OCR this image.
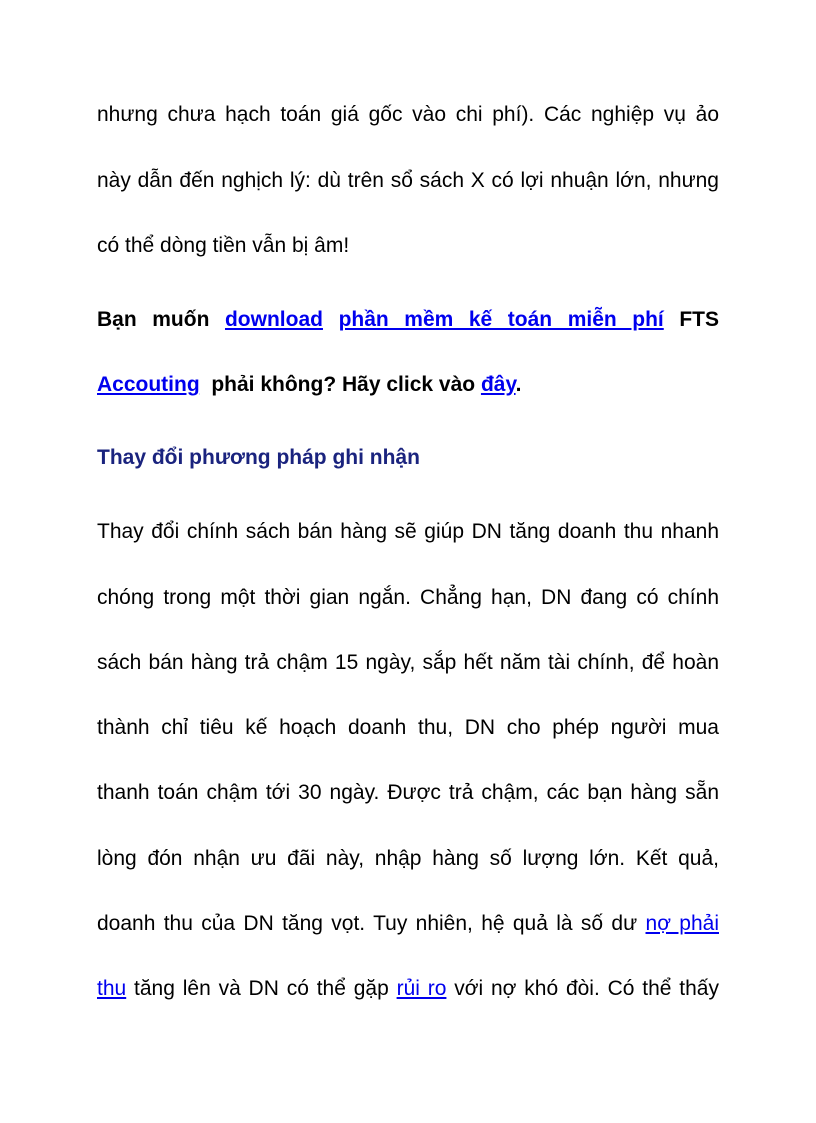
nhưng chưa hạch toán giá gốc vào chi phí). Các nghiệp vụ ảo
này dẫn đến nghịch lý: dù trên sổ sách X có lợi nhuận lớn, nhưng
có thể dòng tiền vẫn bị âm!
Bạn muốn download phần mềm kế toán miễn phí FTS
Accouting phải không? Hãy click vào đây.
Thay đổi phương pháp ghi nhận
Thay đổi chính sách bán hàng sẽ giúp DN tăng doanh thu nhanh
chóng trong một thời gian ngắn. Chẳng hạn, DN đang có chính
sách bán hàng trả chậm 15 ngày, sắp hết năm tài chính, để hoàn
thành chỉ tiêu kế hoạch doanh thu, DN cho phép người mua
thanh toán chậm tới 30 ngày. Được trả chậm, các bạn hàng sẵn
lòng đón nhận ưu đãi này, nhập hàng số lượng lớn. Kết quả,
doanh thu của DN tăng vọt. Tuy nhiên, hệ quả là số dư nợ phải
thu tăng lên và DN có thể gặp rủi ro với nợ khó đòi. Có thể thấy
